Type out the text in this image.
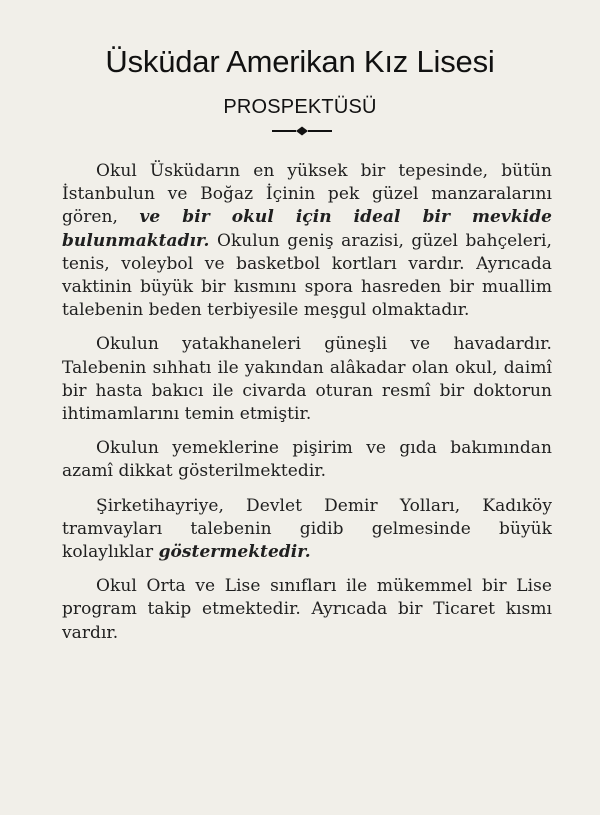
Üsküdar Amerikan Kız Lisesi
PROSPEKTÜSÜ

Okul Üsküdarın en yüksek bir tepesinde, bütün İstanbulun ve Boğaz İçinin pek güzel manzaralarını gören, ve bir okul için ideal bir mevkide bulunmaktadır. Okulun geniş arazisi, güzel bahçeleri, tenis, voleybol ve basketbol kortları vardır. Ayrıcada vaktinin büyük bir kısmını spora hasreden bir muallim talebenin beden terbiyesile meşgul olmaktadır.

Okulun yatakhaneleri güneşli ve havadardır. Talebenin sıhhatı ile yakından alâkadar olan okul, daimî bir hasta bakıcı ile civarda oturan resmî bir doktorun ihtimamlarını temin etmiştir.

Okulun yemeklerine pişirim ve gıda bakımından azamî dikkat gösterilmektedir.

Şirketihayriye, Devlet Demir Yolları, Kadıköy tramvayları talebenin gidib gelmesinde büyük kolaylıklar göstermektedir.

Okul Orta ve Lise sınıfları ile mükemmel bir Lise program takip etmektedir. Ayrıcada bir Ticaret kısmı vardır.
